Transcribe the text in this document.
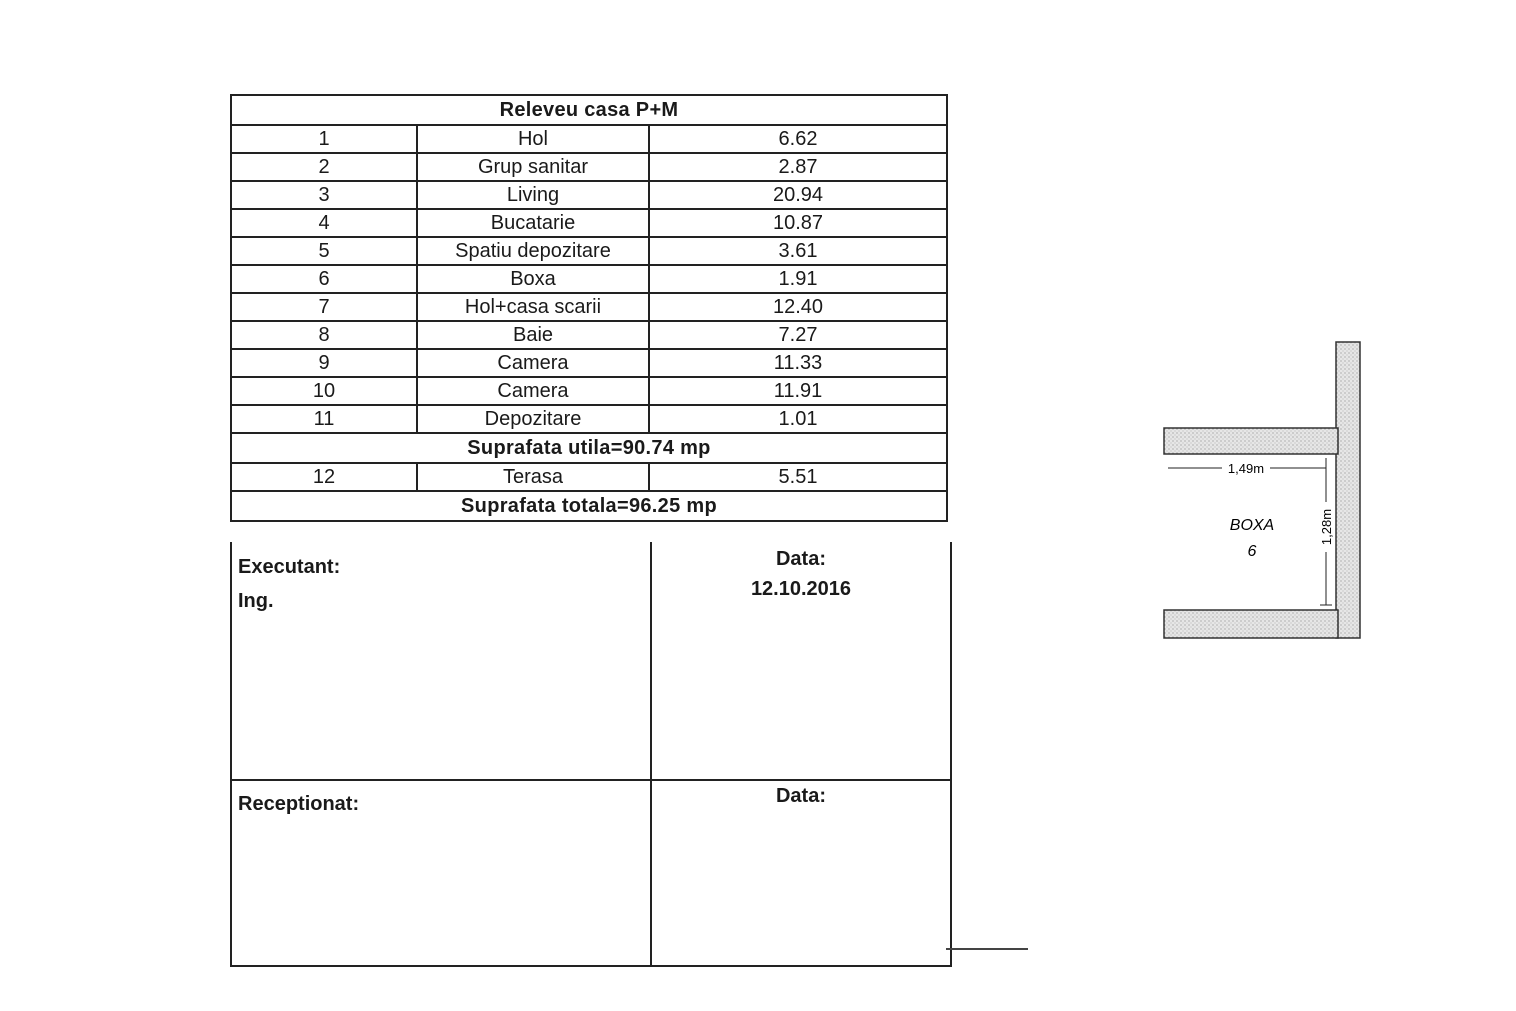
Releveu casa P+M		
1	Hol	6.62
2	Grup sanitar	2.87
3	Living	20.94
4	Bucatarie	10.87
5	Spatiu depozitare	3.61
6	Boxa	1.91
7	Hol+casa scarii	12.40
8	Baie	7.27
9	Camera	11.33
10	Camera	11.91
11	Depozitare	1.01
Suprafata utila=90.74 mp		
12	Terasa	5.51
Suprafata totala=96.25 mp		
Executant:
Ing.
Data:
12.10.2016
Receptionat:	Data:
1,49m
1,28m
BOXA
6
